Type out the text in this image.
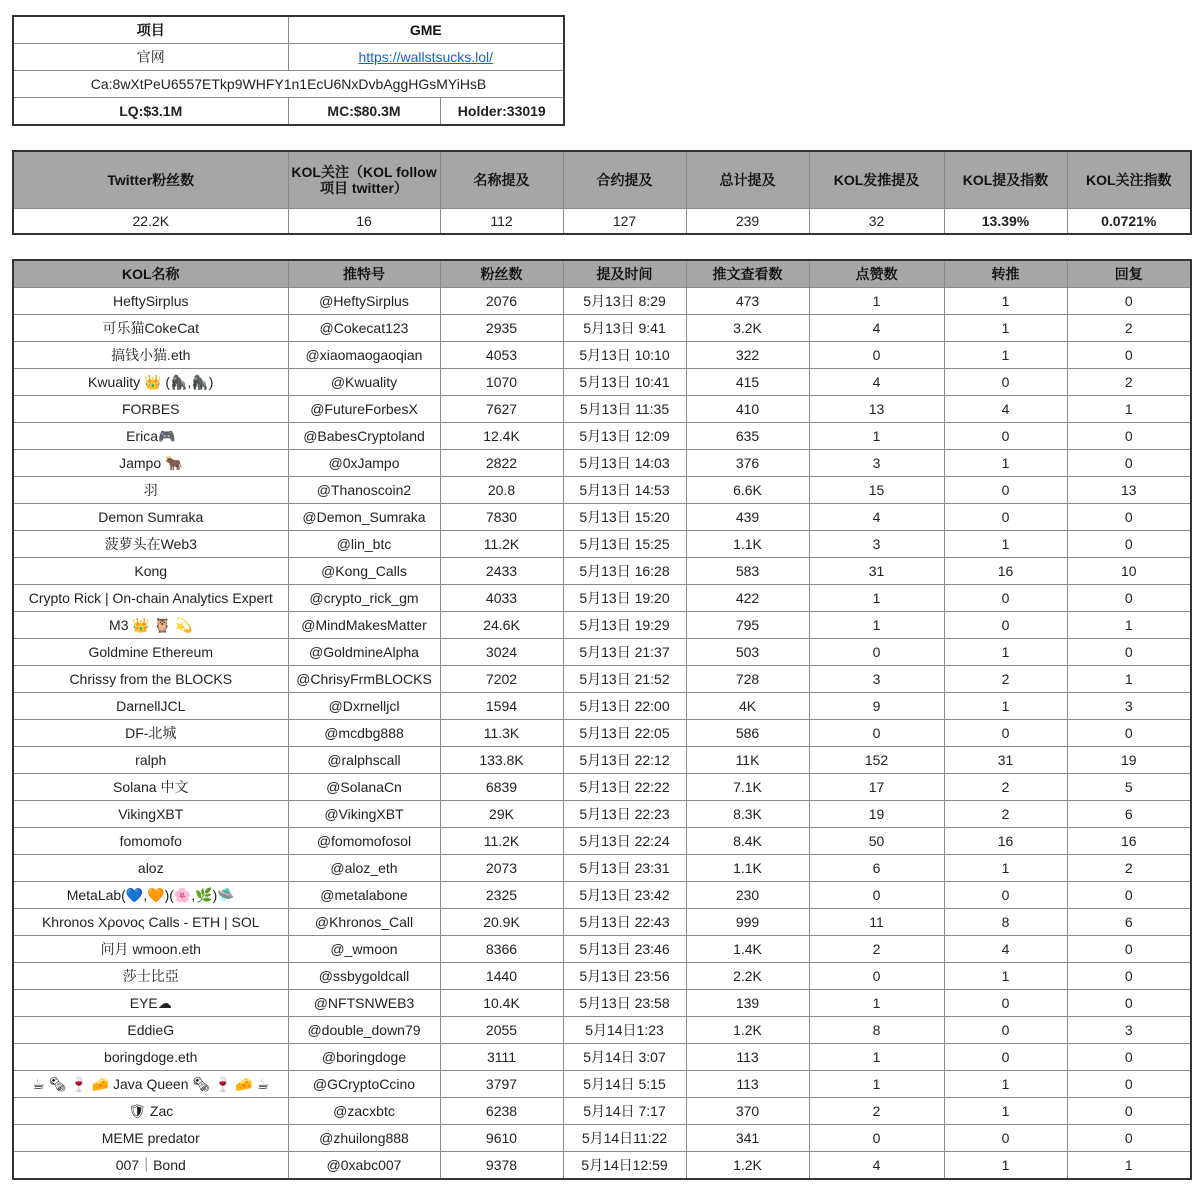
项目	GME	
官网	https://wallstsucks.lol/	
Ca:8wXtPeU6557ETkp9WHFY1n1EcU6NxDvbAggHGsMYiHsB		
LQ:$3.1M	MC:$80.3M	Holder:33019
Twitter粉丝数	KOL关注（KOL follow 项目 twitter）	名称提及	合约提及	总计提及	KOL发推提及	KOL提及指数	KOL关注指数
22.2K	16	112	127	239	32	13.39%	0.0721%
KOL名称	推特号	粉丝数	提及时间	推文查看数	点赞数	转推	回复
HeftySirplus	@HeftySirplus	2076	5月13日 8:29	473	1	1	0
可乐猫CokeCat	@Cokecat123	2935	5月13日 9:41	3.2K	4	1	2
搞钱小猫.eth	@xiaomaogaoqian	4053	5月13日 10:10	322	0	1	0
Kwuality 👑 (🦍,🦍)	@Kwuality	1070	5月13日 10:41	415	4	0	2
FORBES	@FutureForbesX	7627	5月13日 11:35	410	13	4	1
Erica🎮	@BabesCryptoland	12.4K	5月13日 12:09	635	1	0	0
Jampo 🐂	@0xJampo	2822	5月13日 14:03	376	3	1	0
羽	@Thanoscoin2	20.8	5月13日 14:53	6.6K	15	0	13
Demon Sumraka	@Demon_Sumraka	7830	5月13日 15:20	439	4	0	0
菠萝头在Web3	@lin_btc	11.2K	5月13日 15:25	1.1K	3	1	0
Kong	@Kong_Calls	2433	5月13日 16:28	583	31	16	10
Crypto Rick | On-chain Analytics Expert	@crypto_rick_gm	4033	5月13日 19:20	422	1	0	0
M3 👑 🦉 💫	@MindMakesMatter	24.6K	5月13日 19:29	795	1	0	1
Goldmine Ethereum	@GoldmineAlpha	3024	5月13日 21:37	503	0	1	0
Chrissy from the BLOCKS	@ChrisyFrmBLOCKS	7202	5月13日 21:52	728	3	2	1
DarnellJCL	@Dxrnelljcl	1594	5月13日 22:00	4K	9	1	3
DF-北城	@mcdbg888	11.3K	5月13日 22:05	586	0	0	0
ralph	@ralphscall	133.8K	5月13日 22:12	11K	152	31	19
Solana 中文	@SolanaCn	6839	5月13日 22:22	7.1K	17	2	5
VikingXBT	@VikingXBT	29K	5月13日 22:23	8.3K	19	2	6
fomomofo	@fomomofosol	11.2K	5月13日 22:24	8.4K	50	16	16
aloz	@aloz_eth	2073	5月13日 23:31	1.1K	6	1	2
MetaLab(💙,🧡)(🌸,🌿)🛸	@metalabone	2325	5月13日 23:42	230	0	0	0
Khronos Χρονος Calls - ETH | SOL	@Khronos_Call	20.9K	5月13日 22:43	999	11	8	6
问月 wmoon.eth	@_wmoon	8366	5月13日 23:46	1.4K	2	4	0
莎士比亞	@ssbygoldcall	1440	5月13日 23:56	2.2K	0	1	0
EYE☁	@NFTSNWEB3	10.4K	5月13日 23:58	139	1	0	0
EddieG	@double_down79	2055	5月14日1:23	1.2K	8	0	3
boringdoge.eth	@boringdoge	3111	5月14日 3:07	113	1	0	0
☕ 🗞 🍷 🧀 Java Queen 🗞 🍷 🧀 ☕	@GCryptoCcino	3797	5月14日 5:15	113	1	1	0
🛡 Zac	@zacxbtc	6238	5月14日 7:17	370	2	1	0
MEME predator	@zhuilong888	9610	5月14日11:22	341	0	0	0
007｜Bond	@0xabc007	9378	5月14日12:59	1.2K	4	1	1
